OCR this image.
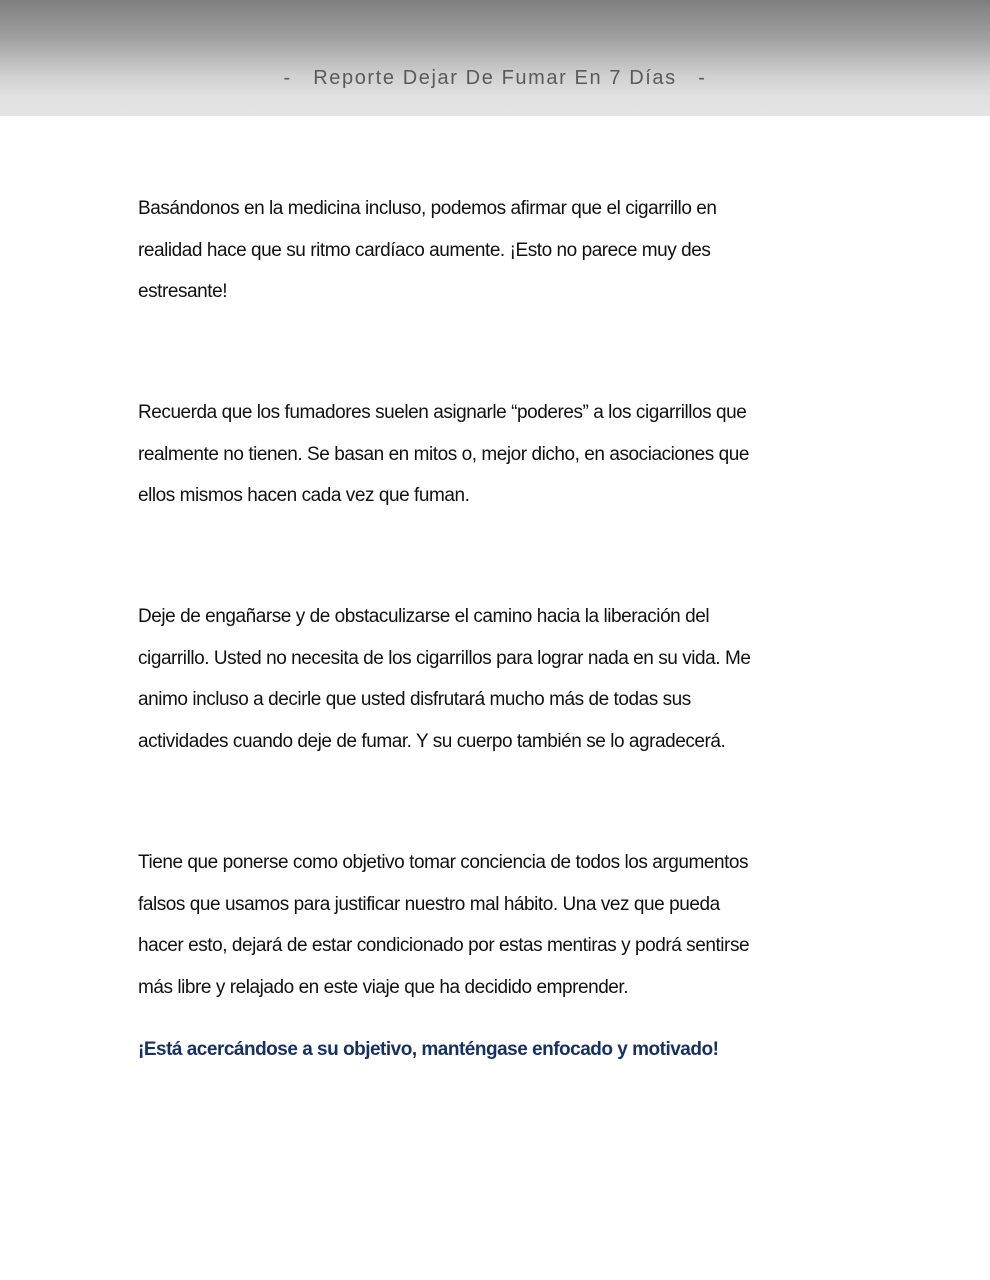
-   Reporte Dejar De Fumar En 7 Días   -
Basándonos en la medicina incluso, podemos afirmar que el cigarrillo en
realidad hace que su ritmo cardíaco aumente. ¡Esto no parece muy des
estresante!
Recuerda que los fumadores suelen asignarle “poderes” a los cigarrillos que
realmente no tienen. Se basan en mitos o, mejor dicho, en asociaciones que
ellos mismos hacen cada vez que fuman.
Deje de engañarse y de obstaculizarse el camino hacia la liberación del
cigarrillo. Usted no necesita de los cigarrillos para lograr nada en su vida. Me
animo incluso a decirle que usted disfrutará mucho más de todas sus
actividades cuando deje de fumar. Y su cuerpo también se lo agradecerá.
Tiene que ponerse como objetivo tomar conciencia de todos los argumentos
falsos que usamos para justificar nuestro mal hábito. Una vez que pueda
hacer esto, dejará de estar condicionado por estas mentiras y podrá sentirse
más libre y relajado en este viaje que ha decidido emprender.
¡Está acercándose a su objetivo, manténgase enfocado y motivado!
